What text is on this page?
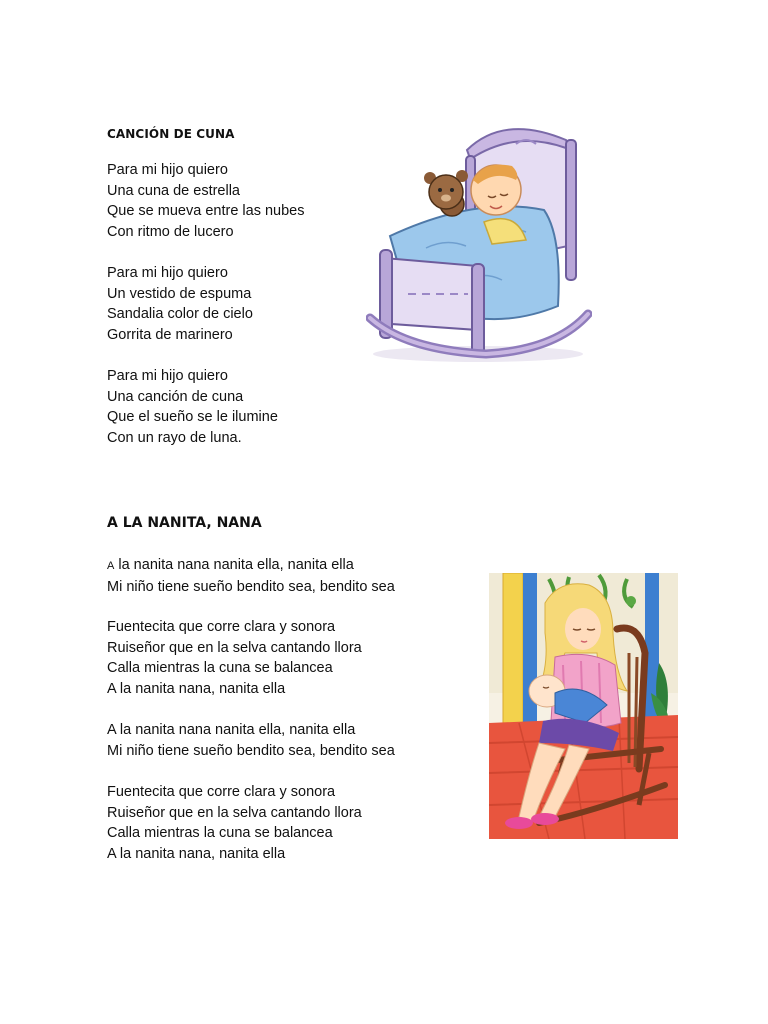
CANCIÓN DE CUNA
Para mi hijo quiero
Una cuna de estrella
Que se mueva entre las nubes
Con ritmo de lucero
Para mi hijo quiero
Un vestido de espuma
Sandalia color de cielo
Gorrita de marinero
Para mi hijo quiero
Una canción de cuna
Que el sueño se le ilumine
Con un rayo de luna.
A LA NANITA, NANA
A la nanita nana nanita ella, nanita ella
Mi niño tiene sueño bendito sea, bendito sea
Fuentecita que corre clara y sonora
Ruiseñor que en la selva cantando llora
Calla mientras la cuna se balancea
A la nanita nana, nanita ella
A la nanita nana nanita ella, nanita ella
Mi niño tiene sueño bendito sea, bendito sea
Fuentecita que corre clara y sonora
Ruiseñor que en la selva cantando llora
Calla mientras la cuna se balancea
A la nanita nana, nanita ella
